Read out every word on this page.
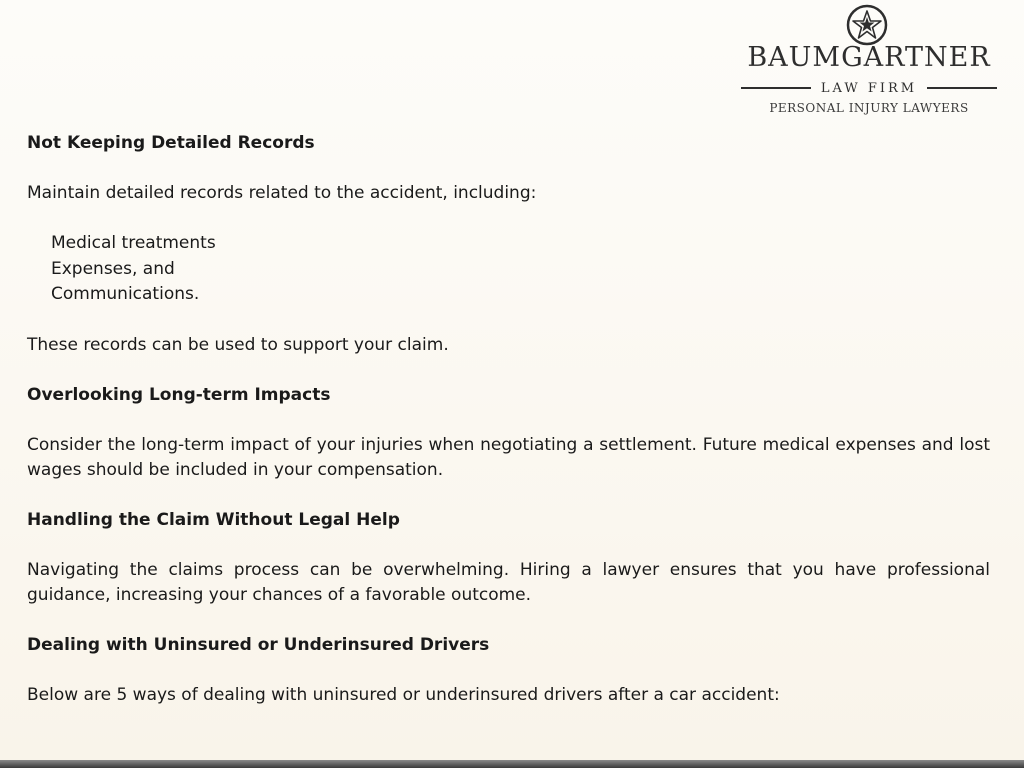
BAUMGARTNER
LAW FIRM
PERSONAL INJURY LAWYERS

Not Keeping Detailed Records

Maintain detailed records related to the accident, including:

Medical treatments
Expenses, and
Communications.

These records can be used to support your claim.

Overlooking Long-term Impacts

Consider the long-term impact of your injuries when negotiating a settlement. Future medical expenses and lost wages should be included in your compensation.

Handling the Claim Without Legal Help

Navigating the claims process can be overwhelming. Hiring a lawyer ensures that you have professional guidance, increasing your chances of a favorable outcome.

Dealing with Uninsured or Underinsured Drivers

Below are 5 ways of dealing with uninsured or underinsured drivers after a car accident:
